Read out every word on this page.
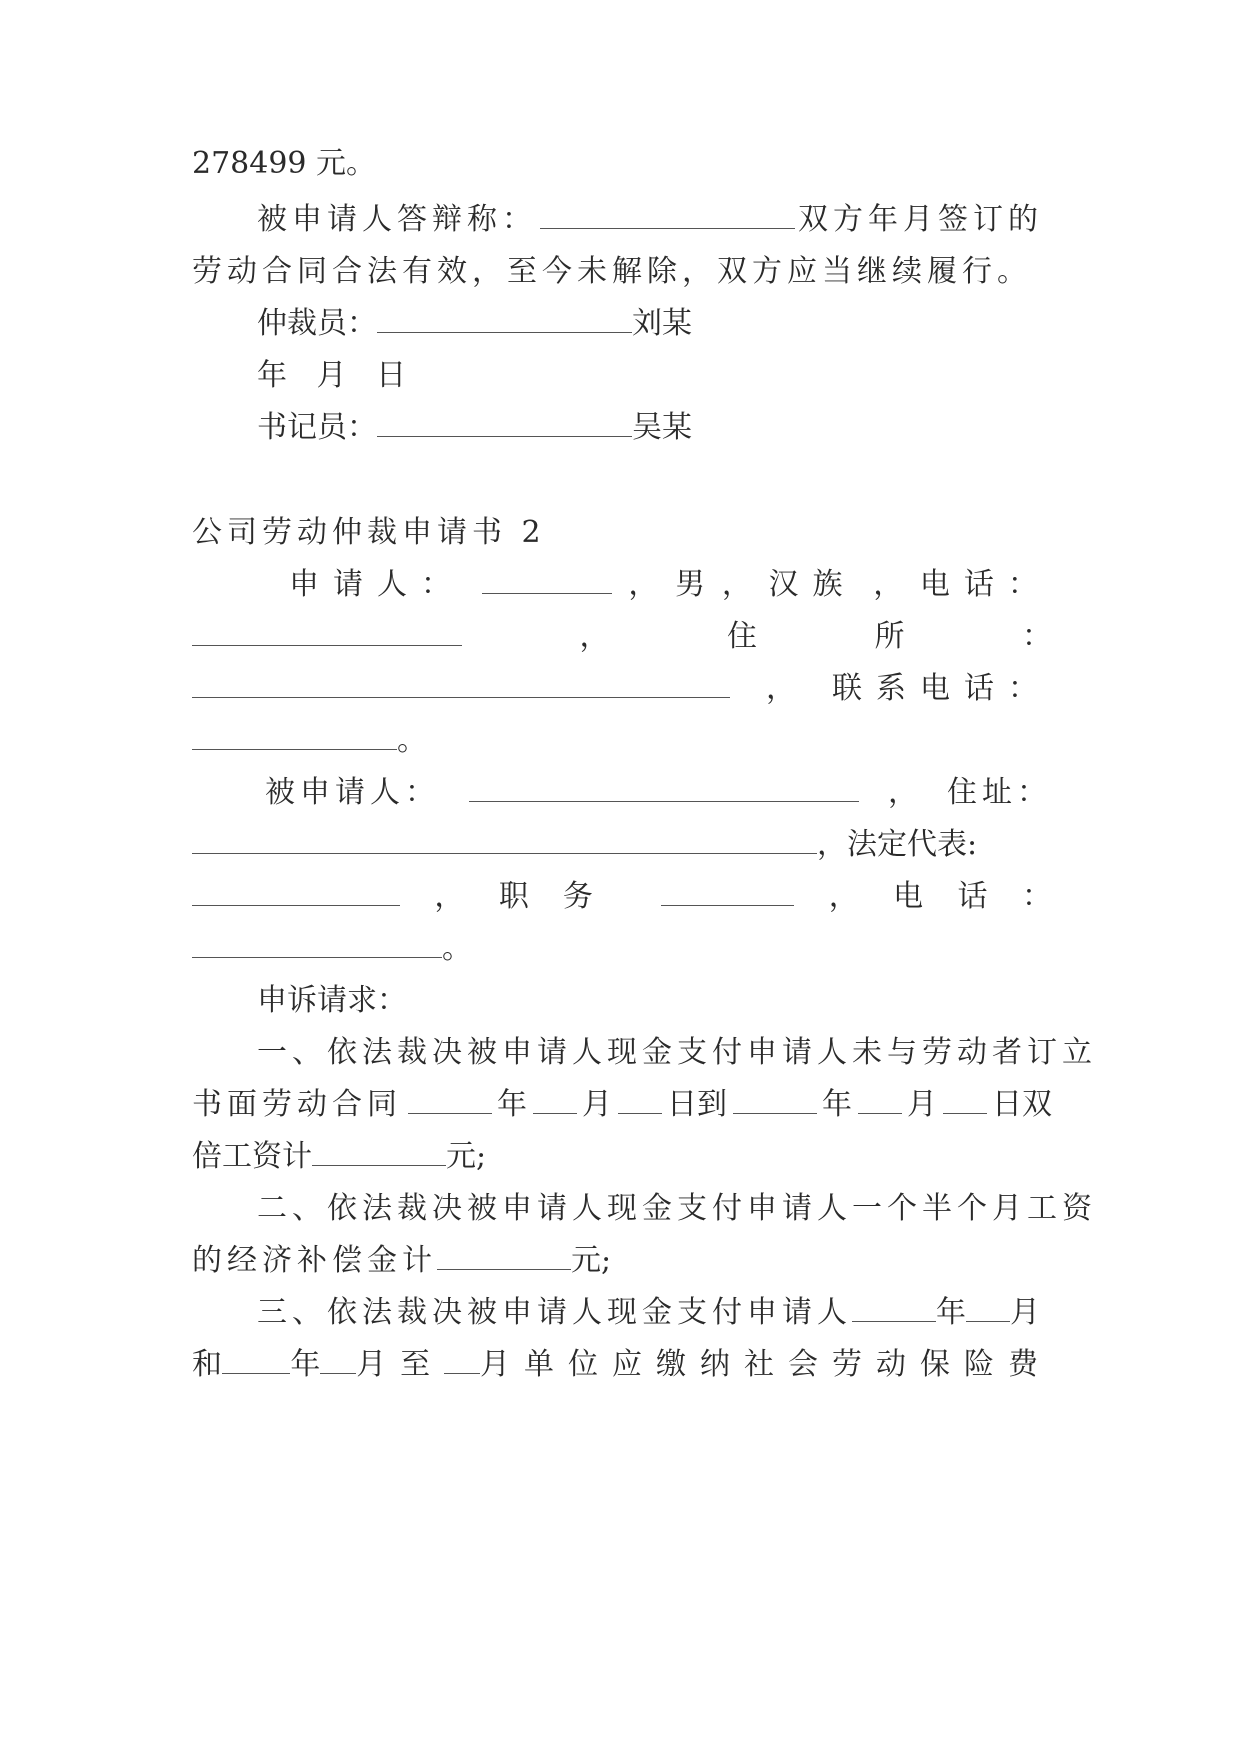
278499 元。
被申请人答辩称：	双方年月签订的
劳动合同合法有效，至今未解除，双方应当继续履行。
仲裁员：	刘某
年 月 日
书记员：	吴某
公司劳动仲裁申请书 2
申请人：	， 男 ， 汉族 ， 电话：
，	住	所	：
， 联系电话：
。
被申请人：	， 住址：
，法定代表:
， 职务	， 电 话 ：
。
申诉请求：
一、依法裁决被申请人现金支付申请人未与劳动者订立
书面劳动合同	年 月 日到	年 月 日双
倍工资计	元;
二、依法裁决被申请人现金支付申请人一个半个月工资
的经济补偿金计	元;
三、依法裁决被申请人现金支付申请人	年 月
和 年 月至 月单位应缴纳社会劳动保险费
